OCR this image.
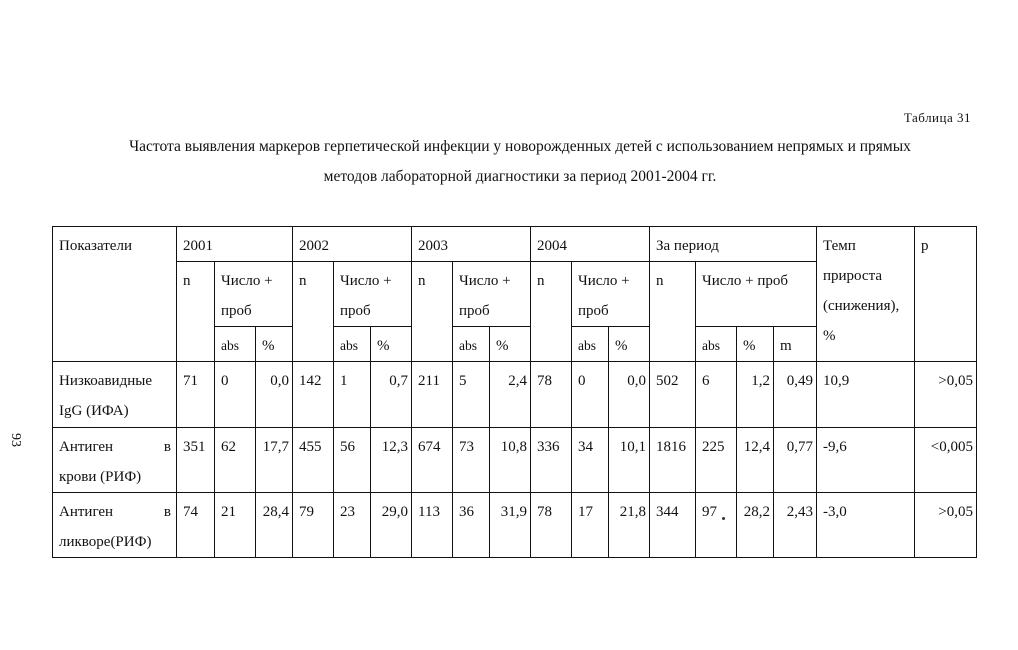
Таблица 31
Частота выявления маркеров герпетической инфекции у новорожденных детей с использованием непрямых и прямых
методов лабораторной диагностики за период 2001-2004 гг.
93
Показатели	2001			2002			2003			2004			За период				Темп прироста (снижения), %	р
	n	Число + проб		n	Число + проб		n	Число + проб		n	Число + проб		n	Число + проб				
		abs	%		abs	%		abs	%		abs	%		abs	%	m		
Низкоавидные
IgG (ИФА)	71	0	0,0	142	1	0,7	211	5	2,4	78	0	0,0	502	6	1,2	0,49	10,9	>0,05

Антиген в
крови (РИФ)	351	62	17,7	455	56	12,3	674	73	10,8	336	34	10,1	1816	225	12,4	0,77	-9,6	<0,005

Антиген в
ликворе(РИФ)	74	21	28,4	79	23	29,0	113	36	31,9	78	17	21,8	344	97	28,2	2,43	-3,0	>0,05
